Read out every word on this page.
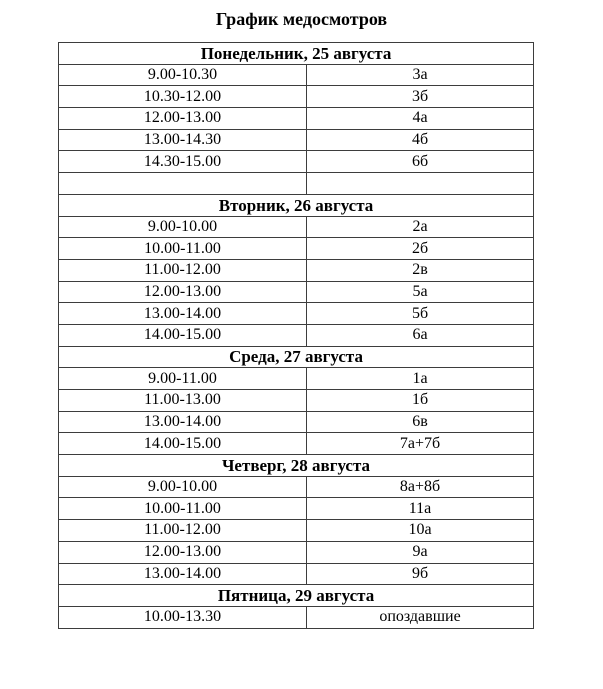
График медосмотров
Понедельник, 25 августа	
9.00-10.30	3а
10.30-12.00	3б
12.00-13.00	4а
13.00-14.30	4б
14.30-15.00	6б

Вторник, 26 августа	
9.00-10.00	2а
10.00-11.00	2б
11.00-12.00	2в
12.00-13.00	5а
13.00-14.00	5б
14.00-15.00	6а
Среда, 27 августа	
9.00-11.00	1а
11.00-13.00	1б
13.00-14.00	6в
14.00-15.00	7а+7б
Четверг, 28 августа	
9.00-10.00	8а+8б
10.00-11.00	11а
11.00-12.00	10а
12.00-13.00	9а
13.00-14.00	9б
Пятница, 29 августа	
10.00-13.30	опоздавшие
